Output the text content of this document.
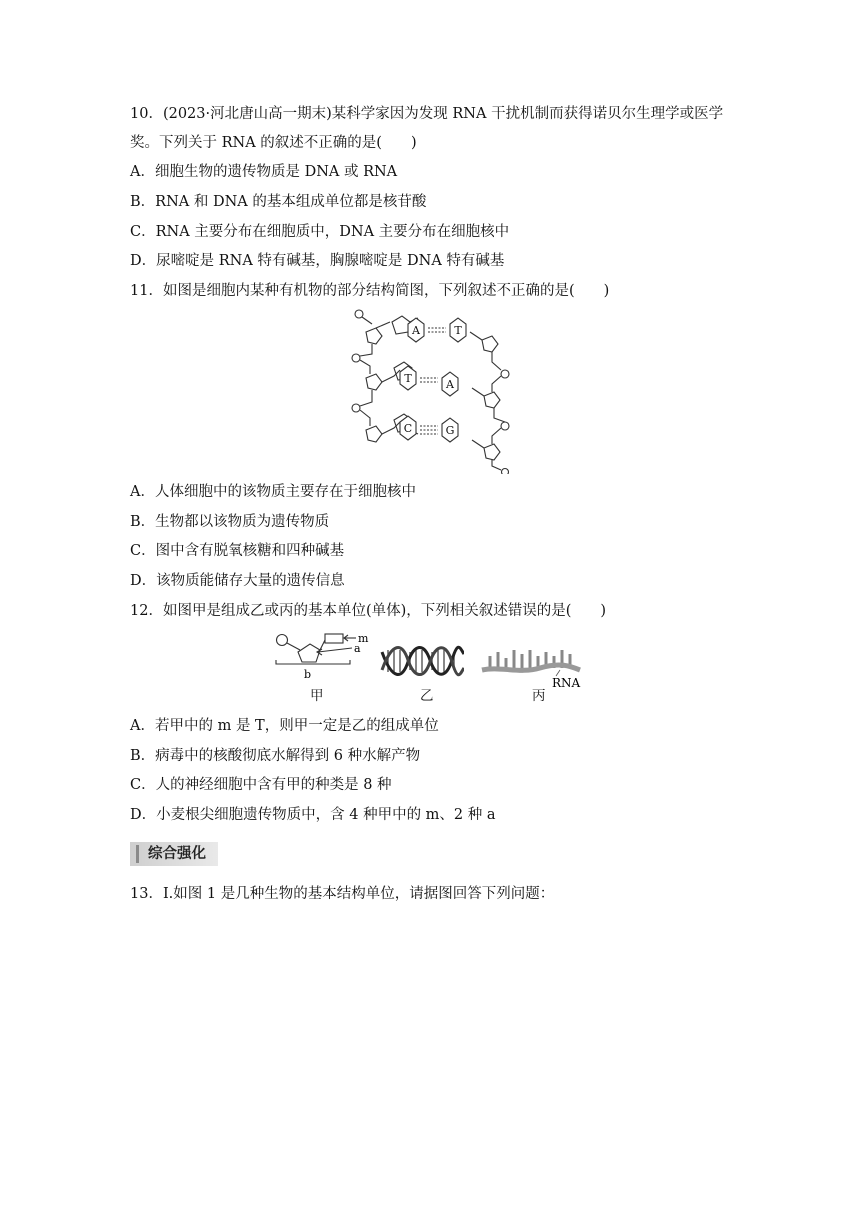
10．(2023·河北唐山高一期末)某科学家因为发现 RNA 干扰机制而获得诺贝尔生理学或医学
奖。下列关于 RNA 的叙述不正确的是(　　)
A．细胞生物的遗传物质是 DNA 或 RNA
B．RNA 和 DNA 的基本组成单位都是核苷酸
C．RNA 主要分布在细胞质中，DNA 主要分布在细胞核中
D．尿嘧啶是 RNA 特有碱基，胸腺嘧啶是 DNA 特有碱基
11．如图是细胞内某种有机物的部分结构简图，下列叙述不正确的是(　　)
A	T
T	A
C	G
A．人体细胞中的该物质主要存在于细胞核中
B．生物都以该物质为遗传物质
C．图中含有脱氧核糖和四种碱基
D．该物质能储存大量的遗传信息
12．如图甲是组成乙或丙的基本单位(单体)，下列相关叙述错误的是(　　)
m
a
b
RNA
甲	乙	丙
A．若甲中的 m 是 T，则甲一定是乙的组成单位
B．病毒中的核酸彻底水解得到 6 种水解产物
C．人的神经细胞中含有甲的种类是 8 种
D．小麦根尖细胞遗传物质中，含 4 种甲中的 m、2 种 a
综合强化
13．Ⅰ.如图 1 是几种生物的基本结构单位，请据图回答下列问题：
